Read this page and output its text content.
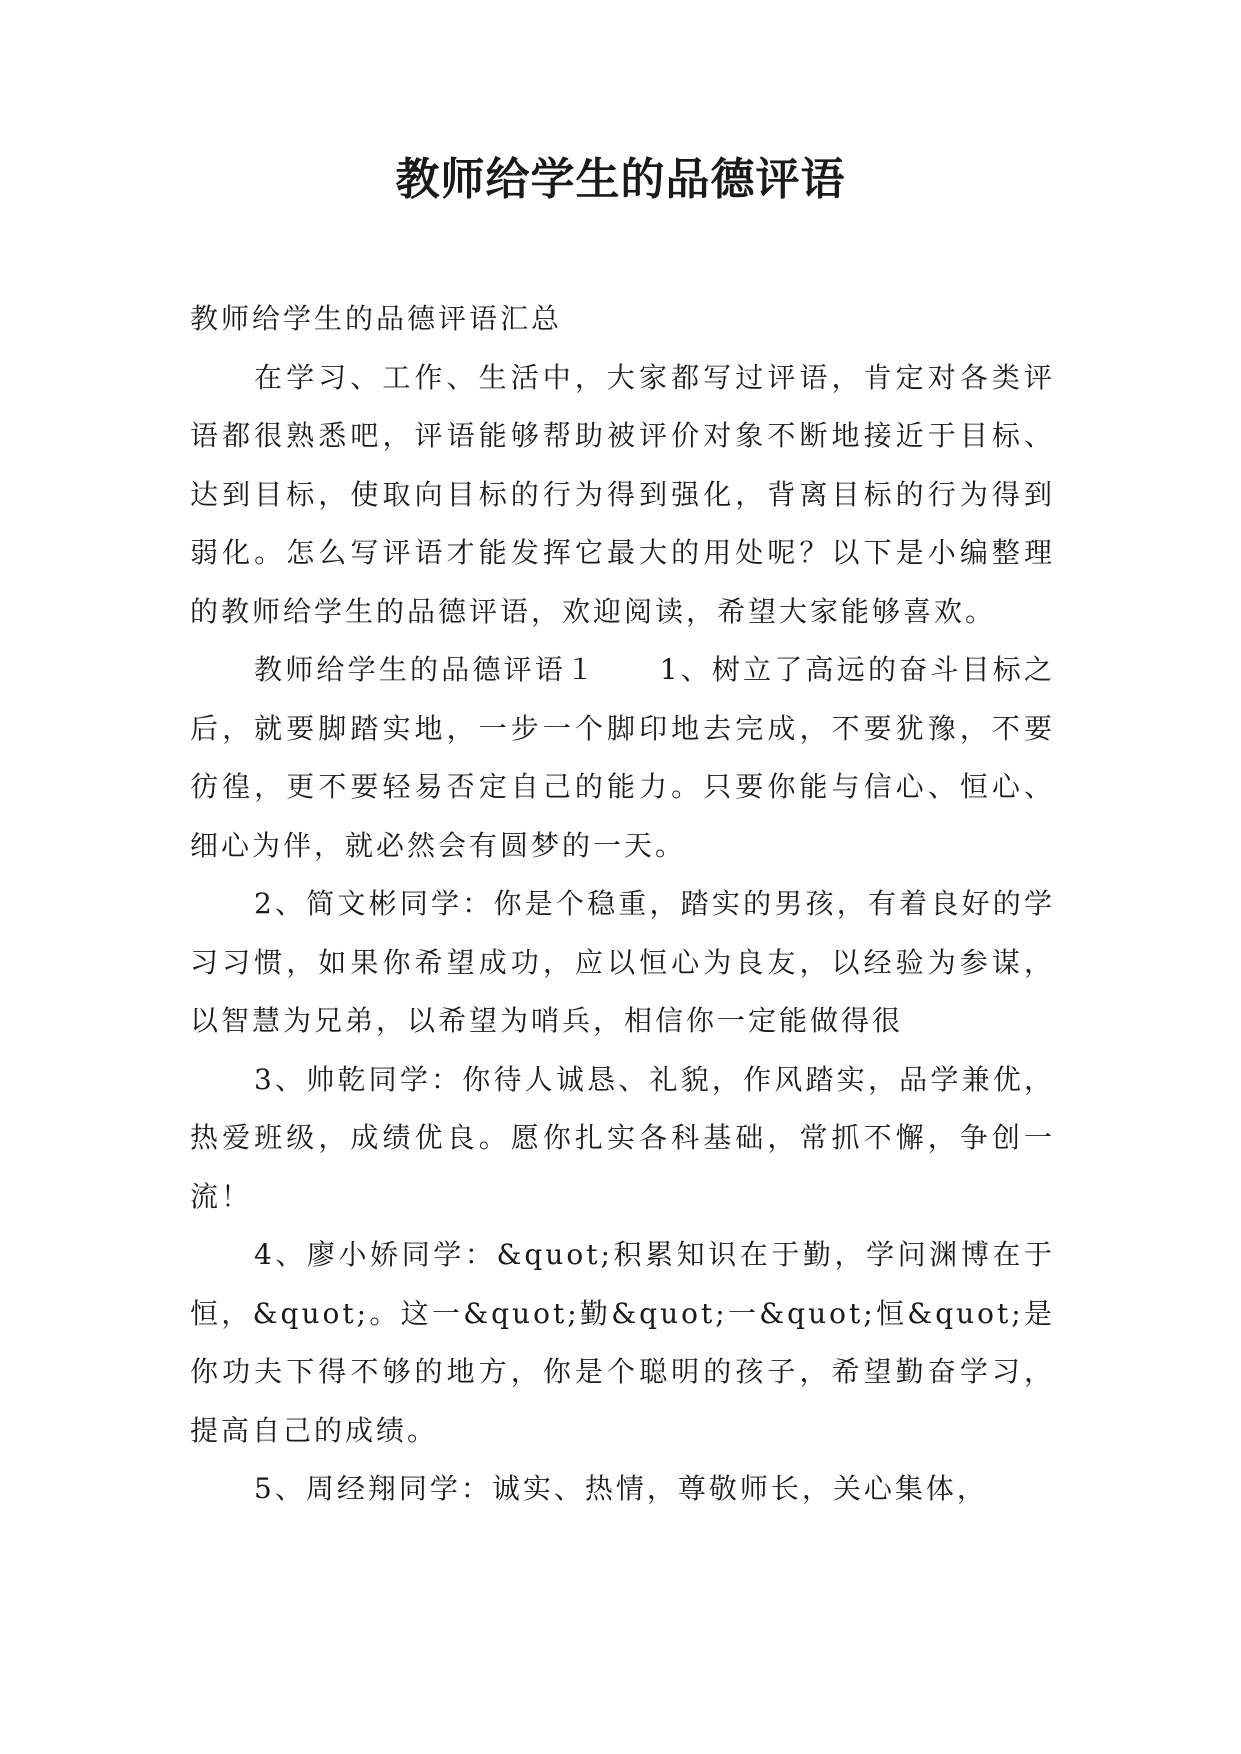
教师给学生的品德评语

教师给学生的品德评语汇总

在学习、工作、生活中，大家都写过评语，肯定对各类评语都很熟悉吧，评语能够帮助被评价对象不断地接近于目标、达到目标，使取向目标的行为得到强化，背离目标的行为得到弱化。怎么写评语才能发挥它最大的用处呢？以下是小编整理的教师给学生的品德评语，欢迎阅读，希望大家能够喜欢。

教师给学生的品德评语１　　1、树立了高远的奋斗目标之后，就要脚踏实地，一步一个脚印地去完成，不要犹豫，不要彷徨，更不要轻易否定自己的能力。只要你能与信心、恒心、细心为伴，就必然会有圆梦的一天。

2、简文彬同学：你是个稳重，踏实的男孩，有着良好的学习习惯，如果你希望成功，应以恒心为良友，以经验为参谋，以智慧为兄弟，以希望为哨兵，相信你一定能做得很

3、帅乾同学：你待人诚恳、礼貌，作风踏实，品学兼优，热爱班级，成绩优良。愿你扎实各科基础，常抓不懈，争创一流！

4、廖小娇同学：&quot;积累知识在于勤，学问渊博在于恒，&quot;。这一&quot;勤&quot;一&quot;恒&quot;是你功夫下得不够的地方，你是个聪明的孩子，希望勤奋学习，提高自己的成绩。

5、周经翔同学：诚实、热情，尊敬师长，关心集体，
